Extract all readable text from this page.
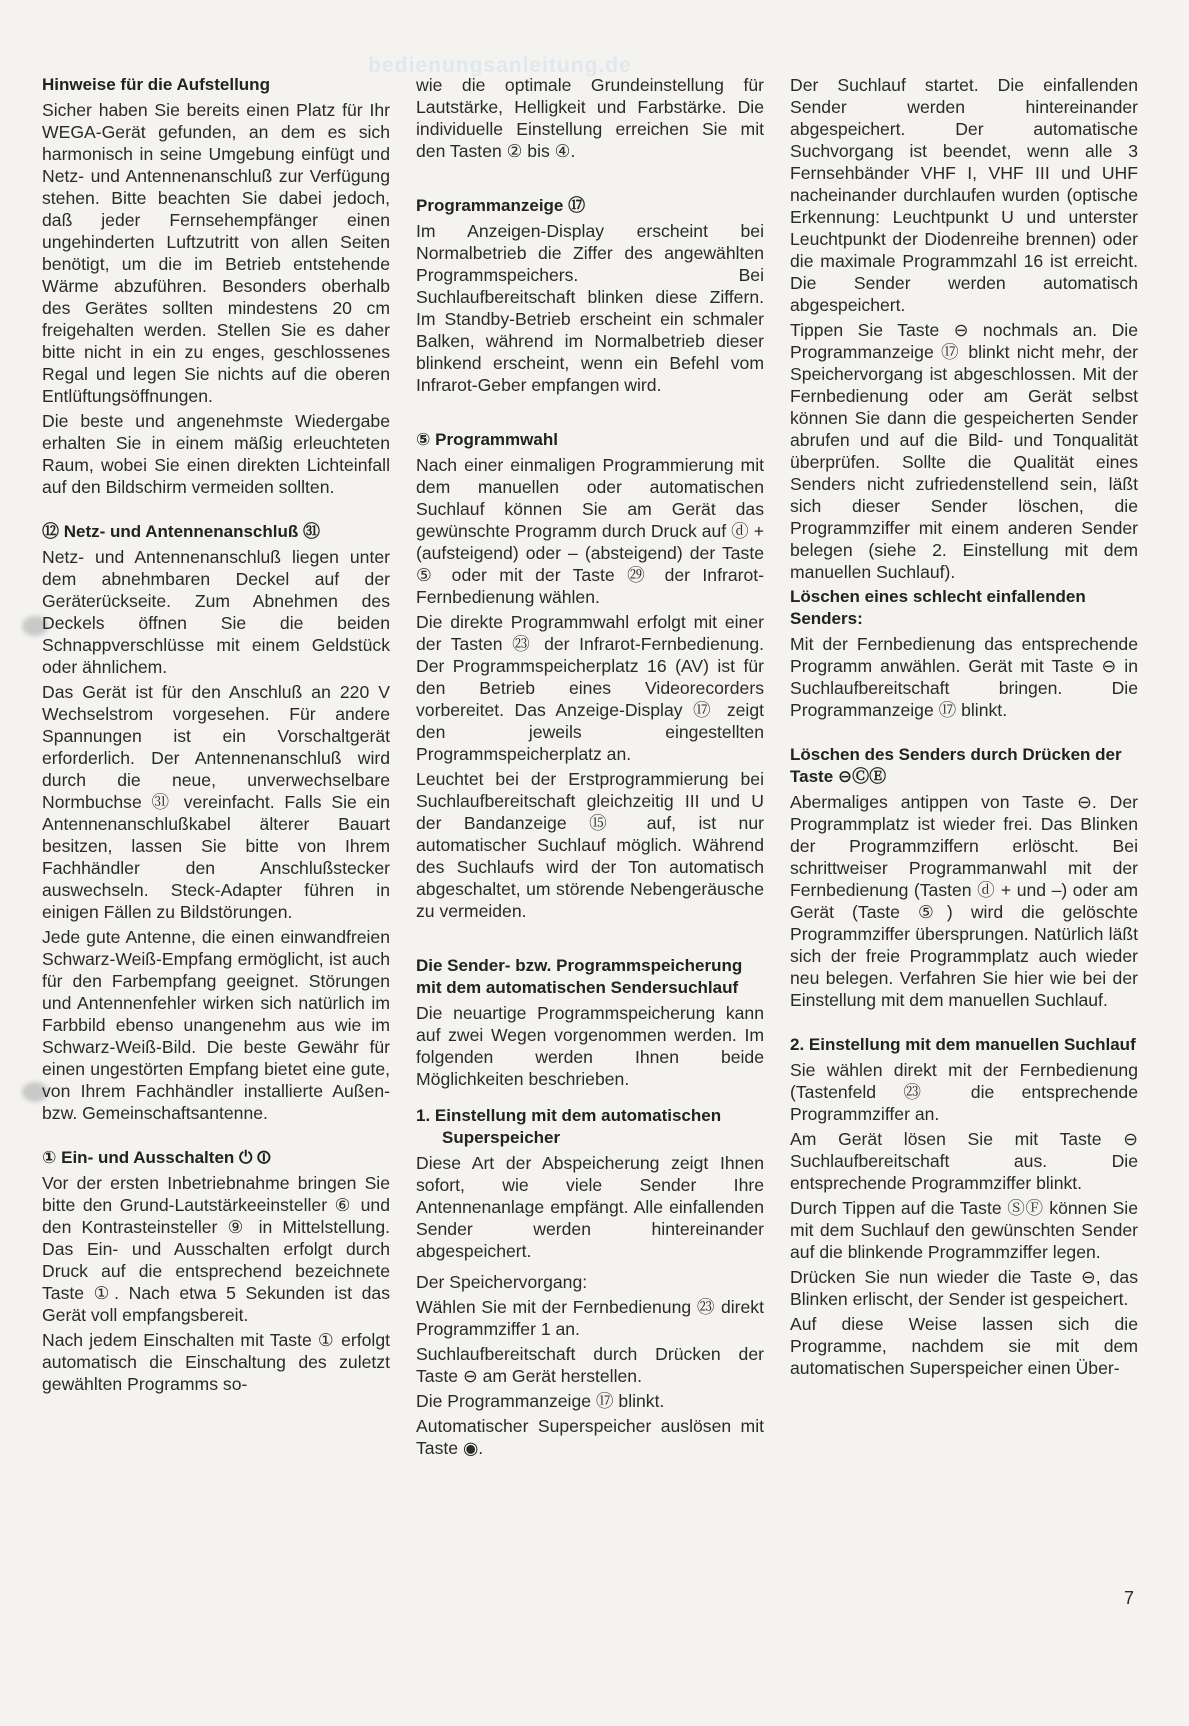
bedienungsanleitung.de
Hinweise für die Aufstellung

Sicher haben Sie bereits einen Platz für Ihr WEGA-Gerät gefunden, an dem es sich harmonisch in seine Umgebung einfügt und Netz- und Antennenanschluß zur Verfügung stehen. Bitte beachten Sie dabei jedoch, daß jeder Fernsehempfänger einen ungehinderten Luftzutritt von allen Seiten benötigt, um die im Betrieb entstehende Wärme abzuführen. Besonders oberhalb des Gerätes sollten mindestens 20 cm freigehalten werden. Stellen Sie es daher bitte nicht in ein zu enges, geschlossenes Regal und legen Sie nichts auf die oberen Entlüftungsöffnungen.

Die beste und angenehmste Wiedergabe erhalten Sie in einem mäßig erleuchteten Raum, wobei Sie einen direkten Lichteinfall auf den Bildschirm vermeiden sollten.

⑫ Netz- und Antennenanschluß ㉛

Netz- und Antennenanschluß liegen unter dem abnehmbaren Deckel auf der Geräterückseite. Zum Abnehmen des Deckels öffnen Sie die beiden Schnappverschlüsse mit einem Geldstück oder ähnlichem.

Das Gerät ist für den Anschluß an 220 V Wechselstrom vorgesehen. Für andere Spannungen ist ein Vorschaltgerät erforderlich. Der Antennenanschluß wird durch die neue, unverwechselbare Normbuchse ㉛ vereinfacht. Falls Sie ein Antennenanschlußkabel älterer Bauart besitzen, lassen Sie bitte von Ihrem Fachhändler den Anschlußstecker auswechseln. Steck-Adapter führen in einigen Fällen zu Bildstörungen.

Jede gute Antenne, die einen einwandfreien Schwarz-Weiß-Empfang ermöglicht, ist auch für den Farbempfang geeignet. Störungen und Antennenfehler wirken sich natürlich im Farbbild ebenso unangenehm aus wie im Schwarz-Weiß-Bild. Die beste Gewähr für einen ungestörten Empfang bietet eine gute, von Ihrem Fachhändler installierte Außen- bzw. Gemeinschaftsantenne.

① Ein- und Ausschalten ⏻ ⏼

Vor der ersten Inbetriebnahme bringen Sie bitte den Grund-Lautstärkeeinsteller ⑥ und den Kontrasteinsteller ⑨ in Mittelstellung. Das Ein- und Ausschalten erfolgt durch Druck auf die entsprechend bezeichnete Taste ①. Nach etwa 5 Sekunden ist das Gerät voll empfangsbereit.

Nach jedem Einschalten mit Taste ① erfolgt automatisch die Einschaltung des zuletzt gewählten Programms so-

wie die optimale Grundeinstellung für Lautstärke, Helligkeit und Farbstärke. Die individuelle Einstellung erreichen Sie mit den Tasten ② bis ④.

Programmanzeige ⑰

Im Anzeigen-Display erscheint bei Normalbetrieb die Ziffer des angewählten Programmspeichers. Bei Suchlaufbereitschaft blinken diese Ziffern. Im Standby-Betrieb erscheint ein schmaler Balken, während im Normalbetrieb dieser blinkend erscheint, wenn ein Befehl vom Infrarot-Geber empfangen wird.

⑤ Programmwahl

Nach einer einmaligen Programmierung mit dem manuellen oder automatischen Suchlauf können Sie am Gerät das gewünschte Programm durch Druck auf ⓓ + (aufsteigend) oder – (absteigend) der Taste ⑤ oder mit der Taste ㉙ der Infrarot-Fernbedienung wählen.

Die direkte Programmwahl erfolgt mit einer der Tasten ㉓ der Infrarot-Fernbedienung. Der Programmspeicherplatz 16 (AV) ist für den Betrieb eines Videorecorders vorbereitet. Das Anzeige-Display ⑰ zeigt den jeweils eingestellten Programmspeicherplatz an.

Leuchtet bei der Erstprogrammierung bei Suchlaufbereitschaft gleichzeitig III und U der Bandanzeige ⑮ auf, ist nur automatischer Suchlauf möglich. Während des Suchlaufs wird der Ton automatisch abgeschaltet, um störende Nebengeräusche zu vermeiden.

Die Sender- bzw. Programmspeicherung mit dem automatischen Sendersuchlauf

Die neuartige Programmspeicherung kann auf zwei Wegen vorgenommen werden. Im folgenden werden Ihnen beide Möglichkeiten beschrieben.

1. Einstellung mit dem automatischen Superspeicher

Diese Art der Abspeicherung zeigt Ihnen sofort, wie viele Sender Ihre Antennenanlage empfängt. Alle einfallenden Sender werden hintereinander abgespeichert.

Der Speichervorgang:

Wählen Sie mit der Fernbedienung ㉓ direkt Programmziffer 1 an.

Suchlaufbereitschaft durch Drücken der Taste ⊖ am Gerät herstellen.

Die Programmanzeige ⑰ blinkt.

Automatischer Superspeicher auslösen mit Taste ◉.

Der Suchlauf startet. Die einfallenden Sender werden hintereinander abgespeichert. Der automatische Suchvorgang ist beendet, wenn alle 3 Fernsehbänder VHF I, VHF III und UHF nacheinander durchlaufen wurden (optische Erkennung: Leuchtpunkt U und unterster Leuchtpunkt der Diodenreihe brennen) oder die maximale Programmzahl 16 ist erreicht. Die Sender werden automatisch abgespeichert.

Tippen Sie Taste ⊖ nochmals an. Die Programmanzeige ⑰ blinkt nicht mehr, der Speichervorgang ist abgeschlossen. Mit der Fernbedienung oder am Gerät selbst können Sie dann die gespeicherten Sender abrufen und auf die Bild- und Tonqualität überprüfen. Sollte die Qualität eines Senders nicht zufriedenstellend sein, läßt sich dieser Sender löschen, die Programmziffer mit einem anderen Sender belegen (siehe 2. Einstellung mit dem manuellen Suchlauf).

Löschen eines schlecht einfallenden Senders:

Mit der Fernbedienung das entsprechende Programm anwählen. Gerät mit Taste ⊖ in Suchlaufbereitschaft bringen. Die Programmanzeige ⑰ blinkt.

Löschen des Senders durch Drücken der Taste ⊖ⒸⒺ

Abermaliges antippen von Taste ⊖. Der Programmplatz ist wieder frei. Das Blinken der Programmziffern erlöscht. Bei schrittweiser Programmanwahl mit der Fernbedienung (Tasten ⓓ + und –) oder am Gerät (Taste ⑤) wird die gelöschte Programmziffer übersprungen. Natürlich läßt sich der freie Programmplatz auch wieder neu belegen. Verfahren Sie hier wie bei der Einstellung mit dem manuellen Suchlauf.

2. Einstellung mit dem manuellen Suchlauf

Sie wählen direkt mit der Fernbedienung (Tastenfeld ㉓ die entsprechende Programmziffer an.

Am Gerät lösen Sie mit Taste ⊖ Suchlaufbereitschaft aus. Die entsprechende Programmziffer blinkt.

Durch Tippen auf die Taste ⓈⒻ können Sie mit dem Suchlauf den gewünschten Sender auf die blinkende Programmziffer legen.

Drücken Sie nun wieder die Taste ⊖, das Blinken erlischt, der Sender ist gespeichert.

Auf diese Weise lassen sich die Programme, nachdem sie mit dem automatischen Superspeicher einen Über-

7
